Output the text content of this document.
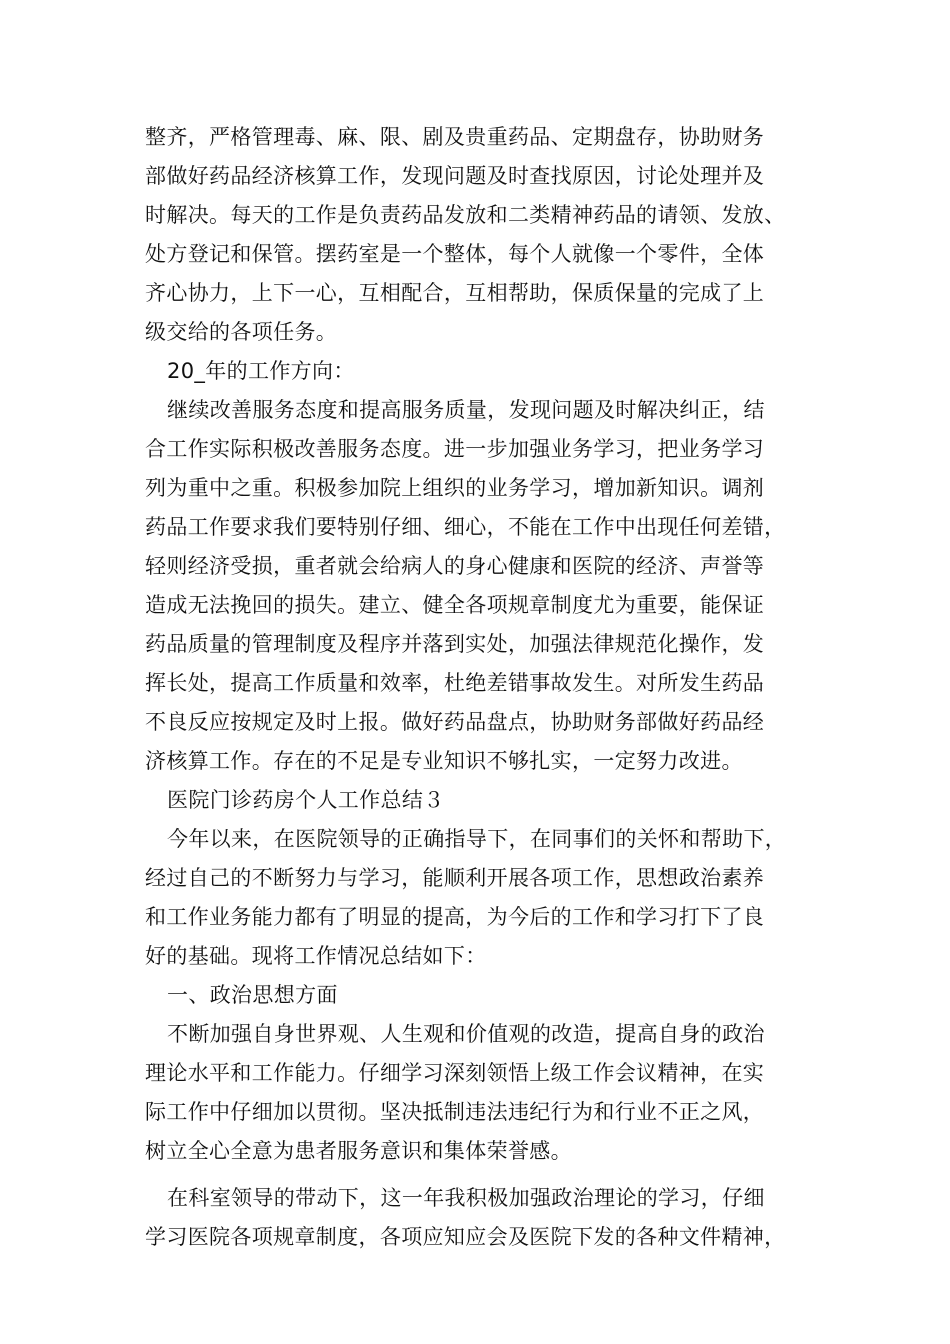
整齐，严格管理毒、麻、限、剧及贵重药品、定期盘存，协助财务
部做好药品经济核算工作，发现问题及时查找原因，讨论处理并及
时解决。每天的工作是负责药品发放和二类精神药品的请领、发放、
处方登记和保管。摆药室是一个整体，每个人就像一个零件，全体
齐心协力，上下一心，互相配合，互相帮助，保质保量的完成了上
级交给的各项任务。
20_年的工作方向：
继续改善服务态度和提高服务质量，发现问题及时解决纠正，结
合工作实际积极改善服务态度。进一步加强业务学习，把业务学习
列为重中之重。积极参加院上组织的业务学习，增加新知识。调剂
药品工作要求我们要特别仔细、细心，不能在工作中出现任何差错，
轻则经济受损，重者就会给病人的身心健康和医院的经济、声誉等
造成无法挽回的损失。建立、健全各项规章制度尤为重要，能保证
药品质量的管理制度及程序并落到实处，加强法律规范化操作，发
挥长处，提高工作质量和效率，杜绝差错事故发生。对所发生药品
不良反应按规定及时上报。做好药品盘点，协助财务部做好药品经
济核算工作。存在的不足是专业知识不够扎实，一定努力改进。
医院门诊药房个人工作总结３
今年以来，在医院领导的正确指导下，在同事们的关怀和帮助下，
经过自己的不断努力与学习，能顺利开展各项工作，思想政治素养
和工作业务能力都有了明显的提高，为今后的工作和学习打下了良
好的基础。现将工作情况总结如下：
一、政治思想方面
不断加强自身世界观、人生观和价值观的改造，提高自身的政治
理论水平和工作能力。仔细学习深刻领悟上级工作会议精神，在实
际工作中仔细加以贯彻。坚决抵制违法违纪行为和行业不正之风，
树立全心全意为患者服务意识和集体荣誉感。
在科室领导的带动下，这一年我积极加强政治理论的学习，仔细
学习医院各项规章制度，各项应知应会及医院下发的各种文件精神，
